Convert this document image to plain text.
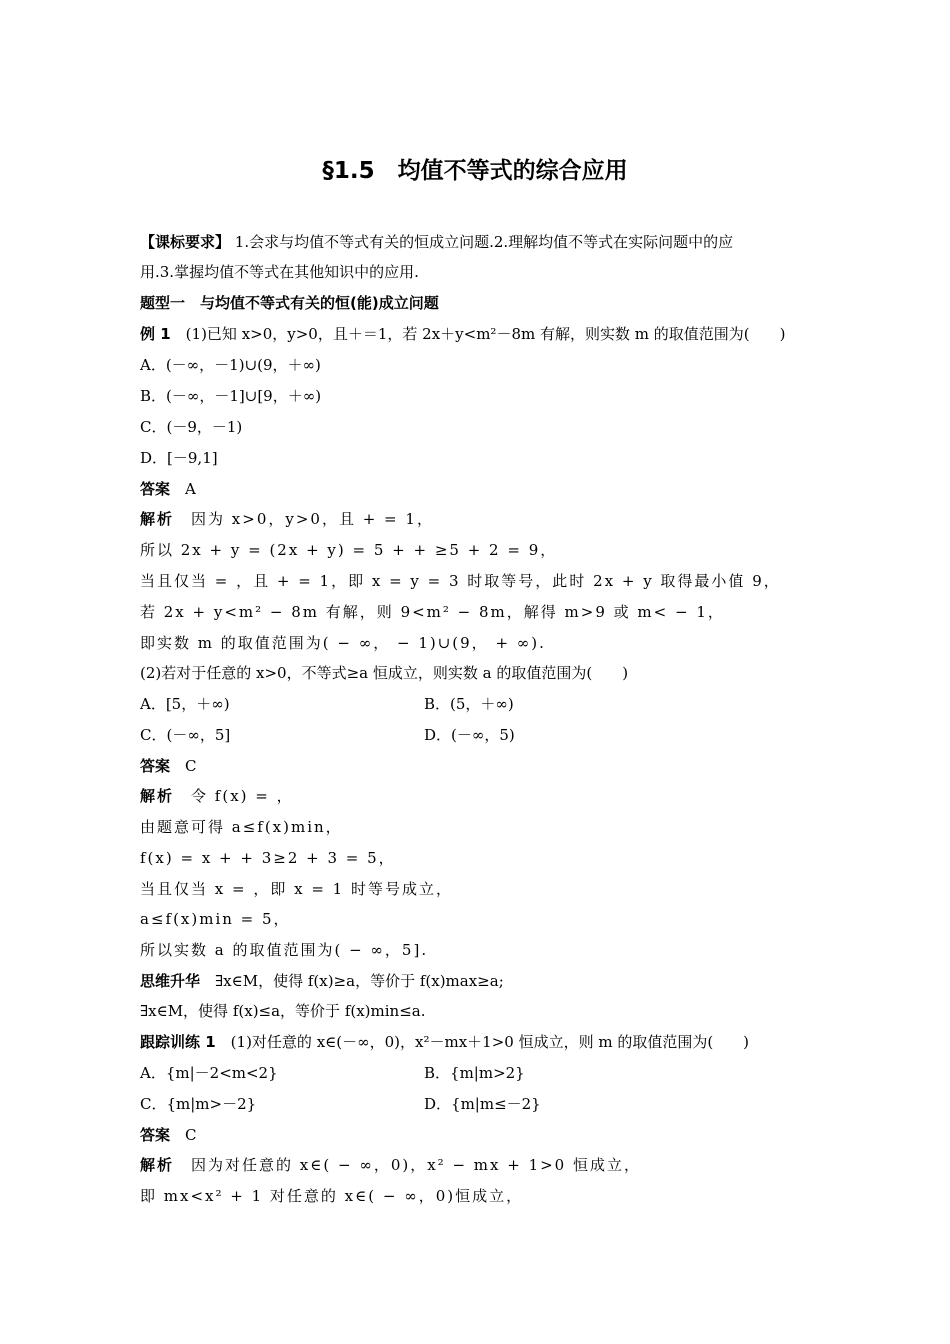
§1.5　均值不等式的综合应用
【课标要求】 1.会求与均值不等式有关的恒成立问题.2.理解均值不等式在实际问题中的应
用.3.掌握均值不等式在其他知识中的应用.
题型一　与均值不等式有关的恒(能)成立问题
例 1　(1)已知 x>0，y>0，且＋＝1，若 2x＋y<m²－8m 有解，则实数 m 的取值范围为(　　)
A．(－∞，－1)∪(9，＋∞)
B．(－∞，－1]∪[9，＋∞)
C．(－9，－1)
D．[－9,1]
答案　 A
解析　 因为 x>0，y>0，且 + = 1，
所以 2x + y = (2x + y) = 5 + + ≥5 + 2 = 9，
当且仅当 = ，且 + = 1，即 x = y = 3 时取等号，此时 2x + y 取得最小值 9，
若 2x + y<m² − 8m 有解，则 9<m² − 8m，解得 m>9 或 m< − 1，
即实数 m 的取值范围为( − ∞， − 1)∪(9， + ∞).
(2)若对于任意的 x>0，不等式≥a 恒成立，则实数 a 的取值范围为(　　)
A．[5，＋∞)	B．(5，＋∞)
C．(－∞，5]	D．(－∞，5)
答案　 C
解析　 令 f(x) = ，
由题意可得 a≤f(x)min，
f(x) = x + + 3≥2 + 3 = 5，
当且仅当 x = ，即 x = 1 时等号成立，
a≤f(x)min = 5，
所以实数 a 的取值范围为( − ∞，5].
思维升华　∃x∈M，使得 f(x)≥a，等价于 f(x)max≥a;
∃x∈M，使得 f(x)≤a，等价于 f(x)min≤a.
跟踪训练 1　(1)对任意的 x∈(－∞，0)，x²－mx＋1>0 恒成立，则 m 的取值范围为(　　)
A．{m|－2<m<2}	B．{m|m>2}
C．{m|m>－2}	D．{m|m≤－2}
答案　 C
解析　 因为对任意的 x∈( − ∞，0)，x² − mx + 1>0 恒成立，
即 mx<x² + 1 对任意的 x∈( − ∞，0)恒成立，
